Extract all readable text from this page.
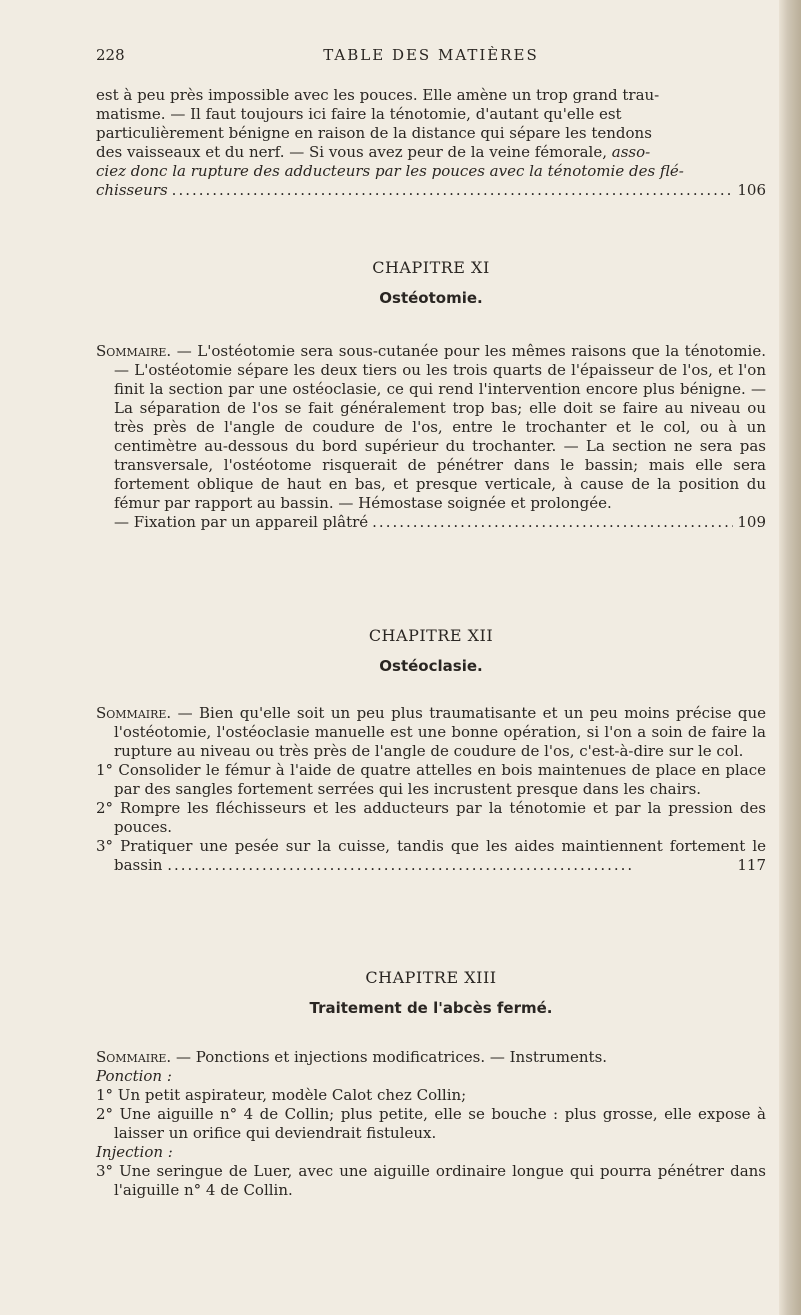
228	TABLE DES MATIÈRES

est à peu près impossible avec les pouces. Elle amène un trop grand trau-

matisme. — Il faut toujours ici faire la ténotomie, d'autant qu'elle est

particulièrement bénigne en raison de la distance qui sépare les tendons

des vaisseaux et du nerf. — Si vous avez peur de la veine fémorale, asso-

ciez donc la rupture des adducteurs par les pouces avec la ténotomie des flé-

chisseurs .....	106
CHAPITRE XI
Ostéotomie.

Sommaire. — L'ostéotomie sera sous-cutanée pour les mêmes raisons que la ténotomie. — L'ostéotomie sépare les deux tiers ou les trois quarts de l'épaisseur de l'os, et l'on finit la section par une ostéoclasie, ce qui rend l'intervention encore plus bénigne. — La séparation de l'os se fait généralement trop bas; elle doit se faire au niveau ou très près de l'angle de coudure de l'os, entre le trochanter et le col, ou à un centimètre au-dessous du bord supérieur du trochanter. — La section ne sera pas transversale, l'ostéotome risquerait de pénétrer dans le bassin; mais elle sera fortement oblique de haut en bas, et presque verticale, à cause de la position du fémur par rapport au bassin. — Hémostase soignée et prolongée.

— Fixation par un appareil plâtré .....	109
CHAPITRE XII
Ostéoclasie.

Sommaire. — Bien qu'elle soit un peu plus traumatisante et un peu moins précise que l'ostéotomie, l'ostéoclasie manuelle est une bonne opération, si l'on a soin de faire la rupture au niveau ou très près de l'angle de coudure de l'os, c'est-à-dire sur le col.

1° Consolider le fémur à l'aide de quatre attelles en bois maintenues de place en place par des sangles fortement serrées qui les incrustent presque dans les chairs.

2° Rompre les fléchisseurs et les adducteurs par la ténotomie et par la pression des pouces.

3° Pratiquer une pesée sur la cuisse, tandis que les aides maintiennent fortement le bassin .....................................................................	117
CHAPITRE XIII
Traitement de l'abcès fermé.

Sommaire. — Ponctions et injections modificatrices. — Instruments.

Ponction :

1° Un petit aspirateur, modèle Calot chez Collin;

2° Une aiguille n° 4 de Collin; plus petite, elle se bouche : plus grosse, elle expose à laisser un orifice qui deviendrait fistuleux.

Injection :

3° Une seringue de Luer, avec une aiguille ordinaire longue qui pourra pénétrer dans l'aiguille n° 4 de Collin.
